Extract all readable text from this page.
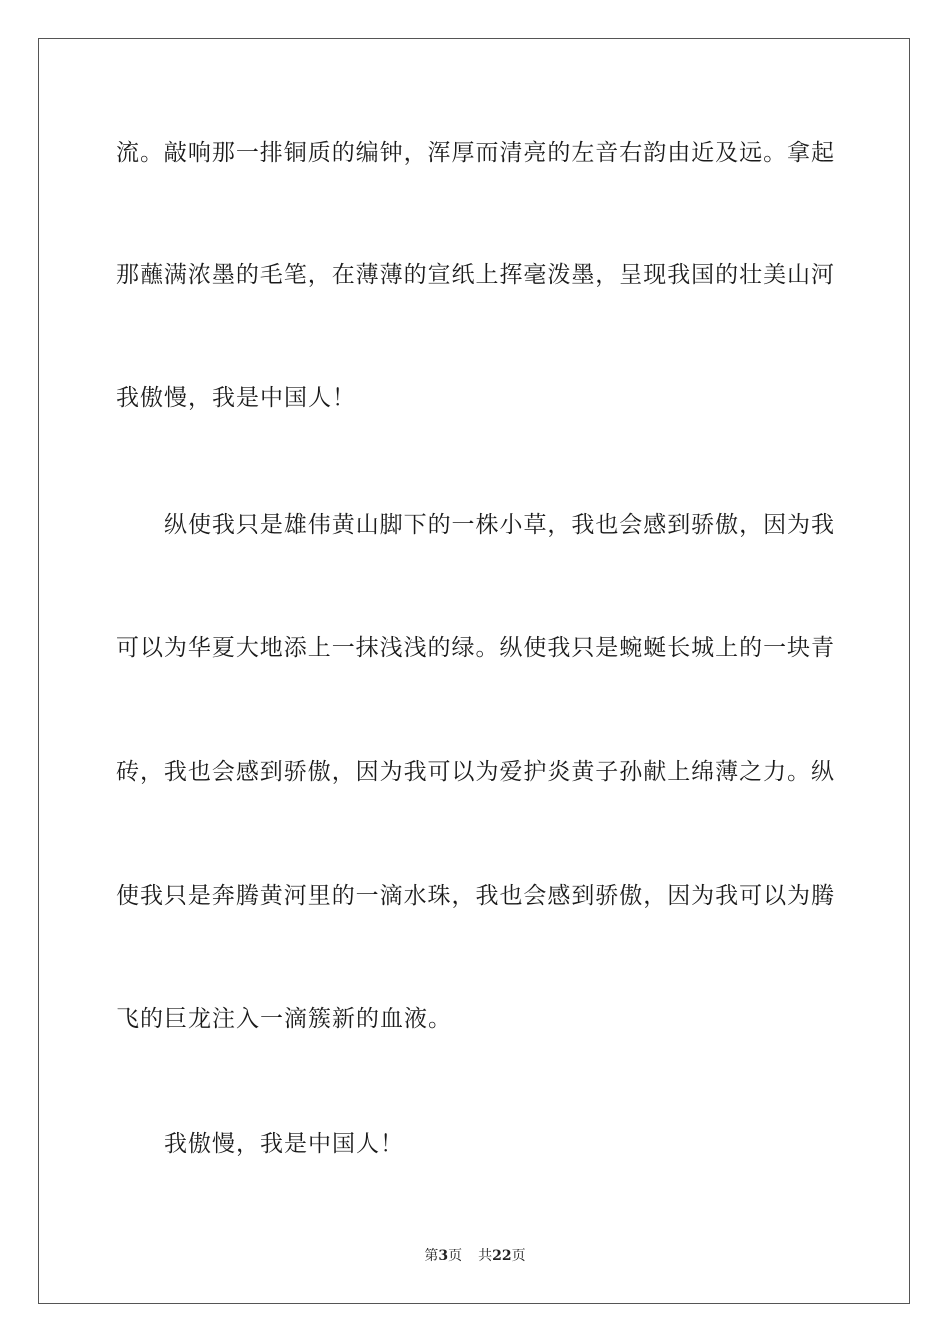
流。敲响那一排铜质的编钟，浑厚而清亮的左音右韵由近及远。拿起
那蘸满浓墨的毛笔，在薄薄的宣纸上挥毫泼墨，呈现我国的壮美山河
我傲慢，我是中国人！
纵使我只是雄伟黄山脚下的一株小草，我也会感到骄傲，因为我
可以为华夏大地添上一抹浅浅的绿。纵使我只是蜿蜒长城上的一块青
砖，我也会感到骄傲，因为我可以为爱护炎黄子孙献上绵薄之力。纵
使我只是奔腾黄河里的一滴水珠，我也会感到骄傲，因为我可以为腾
飞的巨龙注入一滴簇新的血液。
我傲慢，我是中国人！
第3页 共22页
